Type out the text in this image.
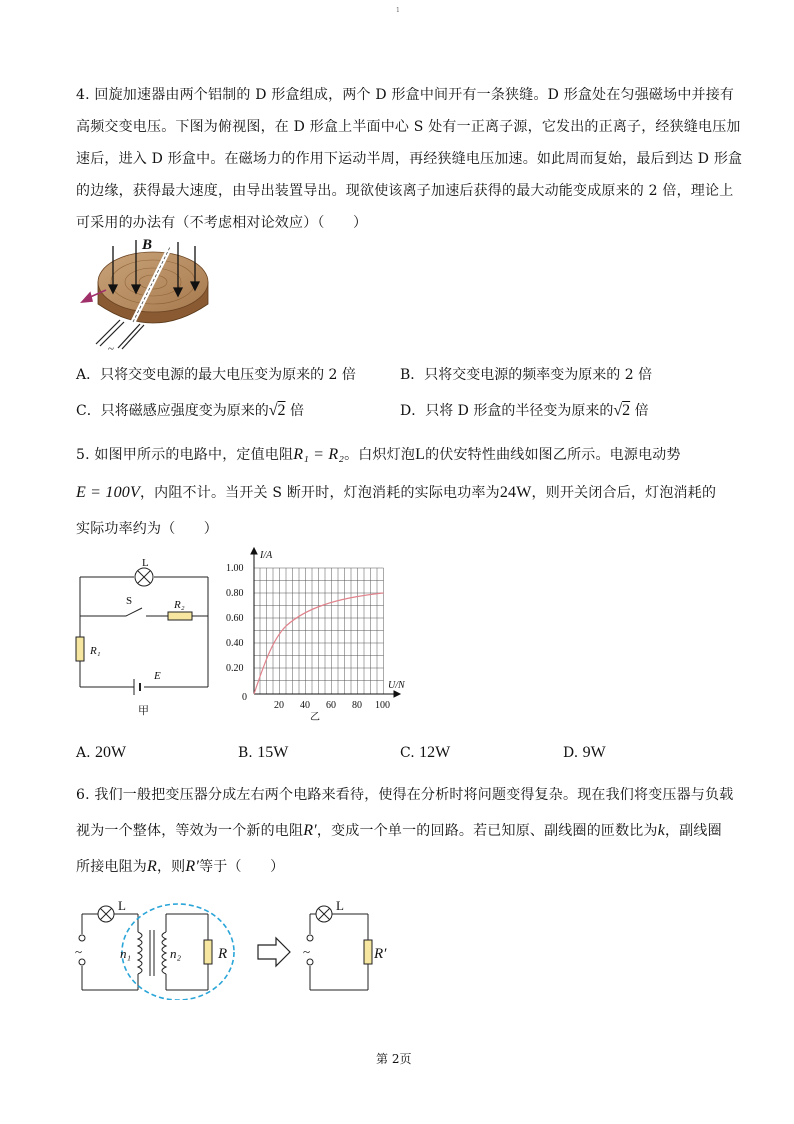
1
4. 回旋加速器由两个铝制的 D 形盒组成，两个 D 形盒中间开有一条狭缝。D 形盒处在匀强磁场中并接有
高频交变电压。下图为俯视图，在 D 形盒上半面中心 S 处有一正离子源，它发出的正离子，经狭缝电压加
速后，进入 D 形盒中。在磁场力的作用下运动半周，再经狭缝电压加速。如此周而复始，最后到达 D 形盒
的边缘，获得最大速度，由导出装置导出。现欲使该离子加速后获得的最大动能变成原来的 2 倍，理论上
可采用的办法有（不考虑相对论效应）（　　）
B
~
A．只将交变电源的最大电压变为原来的 2 倍	B．只将交变电源的频率变为原来的 2 倍
C．只将磁感应强度变为原来的√2 倍	D．只将 D 形盒的半径变为原来的√2 倍
5. 如图甲所示的电路中，定值电阻R₁ = R₂。白炽灯泡L的伏安特性曲线如图乙所示。电源电动势
E = 100V，内阻不计。当开关 S 断开时，灯泡消耗的实际电功率为24W，则开关闭合后，灯泡消耗的
实际功率约为（　　）
L
S	R₂
R₁
E
甲
I/A
1.00
0.80
0.60
0.40
0.20
0
20 40 60 80 100
U/N
乙
A. 20W	B. 15W	C. 12W	D. 9W
6. 我们一般把变压器分成左右两个电路来看待，使得在分析时将问题变得复杂。现在我们将变压器与负载
视为一个整体，等效为一个新的电阻R′，变成一个单一的回路。若已知原、副线圈的匝数比为k，副线圈
所接电阻为R，则R′等于（　　）
L
~	n₁	n₂ R
L
~	R′
第 2页
